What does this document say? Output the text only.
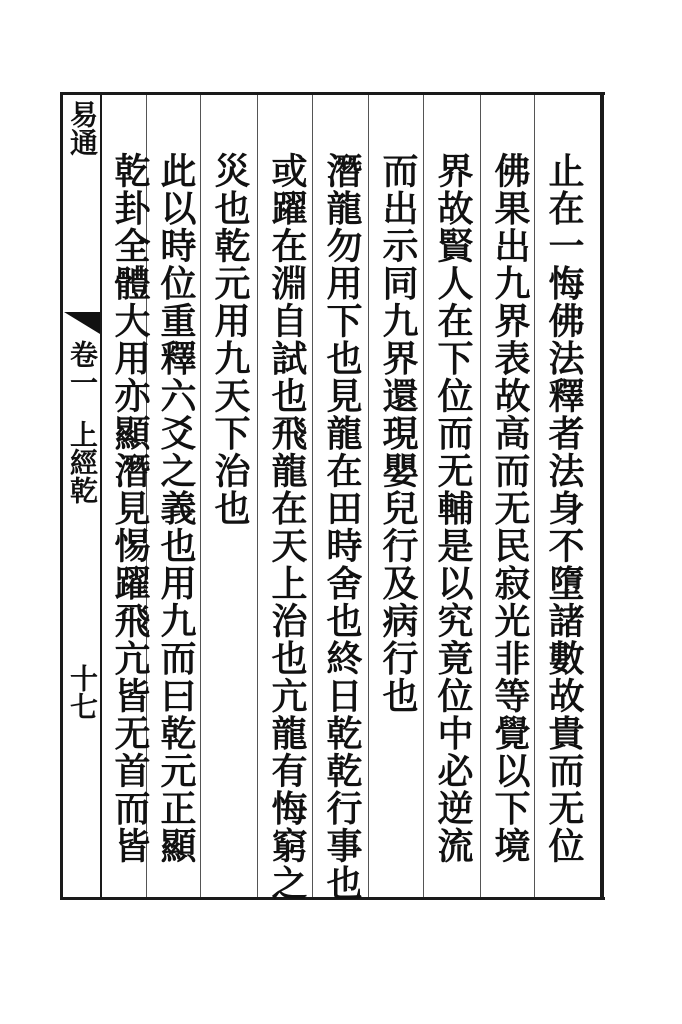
易通
卷一
上經乾
十七	止在一悔佛法釋者法身不墮諸數故貴而无位
佛果出九界表故高而无民寂光非等覺以下境
界故賢人在下位而无輔是以究竟位中必逆流
而出示同九界還現嬰兒行及病行也
潛龍勿用下也見龍在田時舍也終日乾乾行事也
或躍在淵自試也飛龍在天上治也亢龍有悔窮之
災也乾元用九天下治也
此以時位重釋六爻之義也用九而曰乾元正顯
乾卦全體大用亦顯潛見惕躍飛亢皆无首而皆
